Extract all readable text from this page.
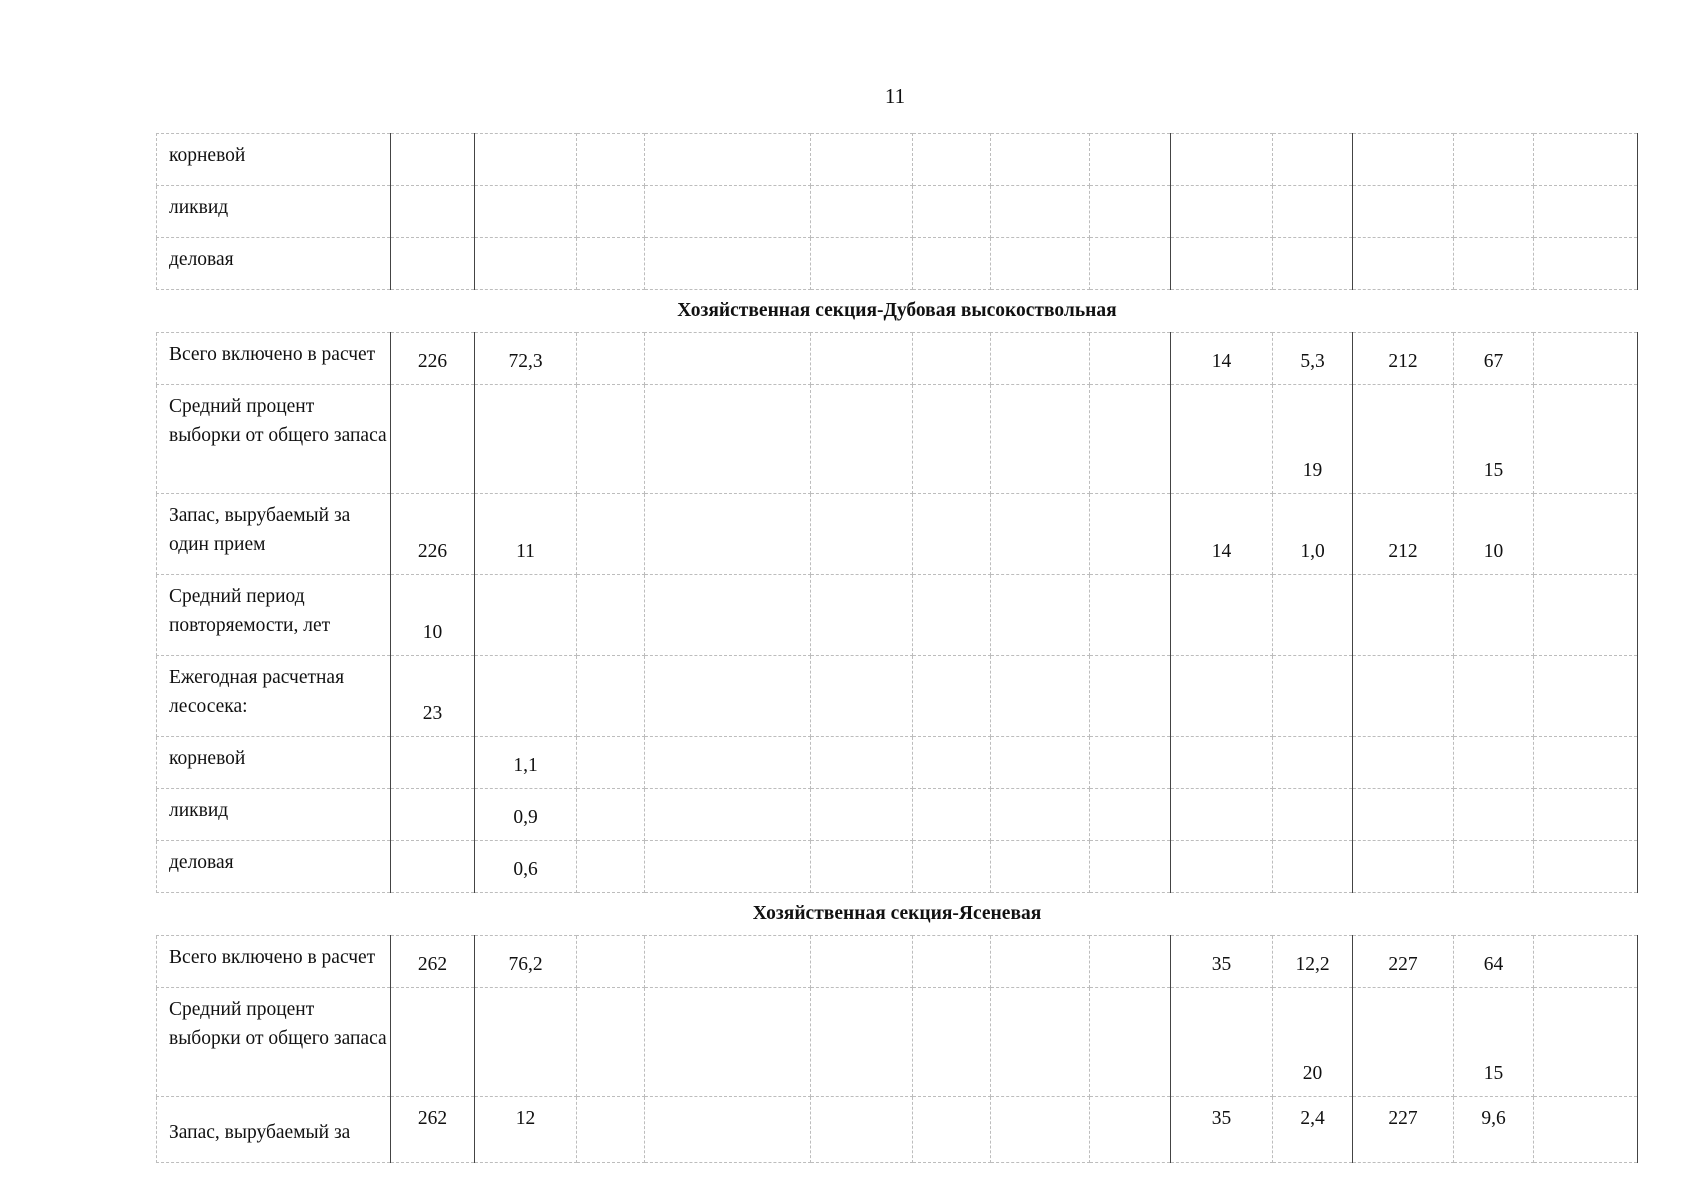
11
корневой													
ликвид													
деловая													
Хозяйственная секция-Дубовая высокоствольная													
Всего включено в расчет	226	72,3							14	5,3	212	67	
Средний процент выборки от общего запаса										19		15	
Запас, вырубаемый за один прием	226	11							14	1,0	212	10	
Средний период повторяемости, лет	10												
Ежегодная расчетная лесосека:	23												
корневой		1,1											
ликвид		0,9											
деловая		0,6											
Хозяйственная секция-Ясеневая													
Всего включено в расчет	262	76,2							35	12,2	227	64	
Средний процент выборки от общего запаса										20		15	
Запас, вырубаемый за	262	12							35	2,4	227	9,6	
